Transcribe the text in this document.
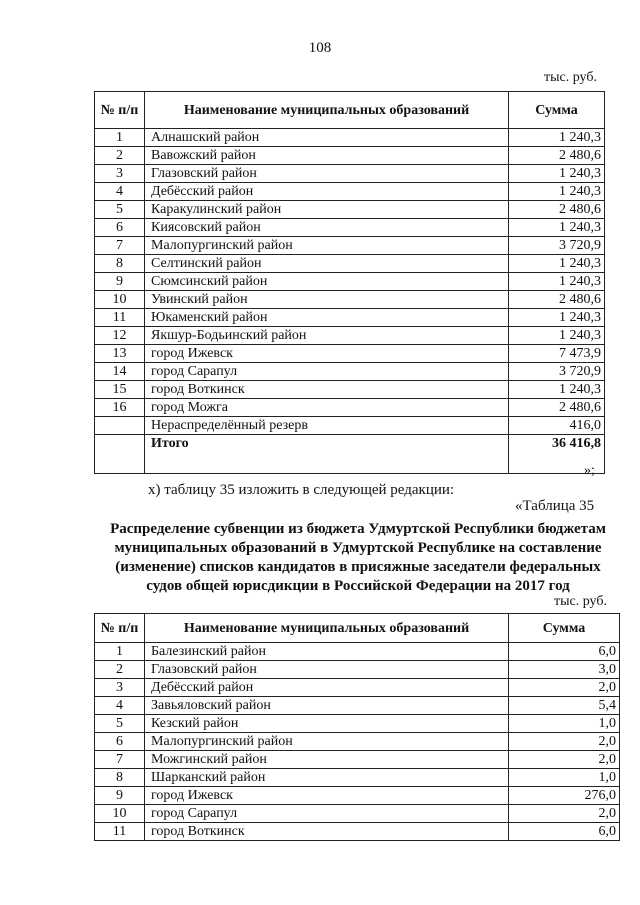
108
тыс. руб.
№ п/п	Наименование муниципальных образований	Сумма
1	Алнашский район	1 240,3
2	Вавожский район	2 480,6
3	Глазовский район	1 240,3
4	Дебёсский район	1 240,3
5	Каракулинский район	2 480,6
6	Киясовский район	1 240,3
7	Малопургинский район	3 720,9
8	Селтинский район	1 240,3
9	Сюмсинский район	1 240,3
10	Увинский район	2 480,6
11	Юкаменский район	1 240,3
12	Якшур-Бодьинский район	1 240,3
13	город Ижевск	7 473,9
14	город Сарапул	3 720,9
15	город Воткинск	1 240,3
16	город Можга	2 480,6
	Нераспределённый резерв	416,0
	Итого	36 416,8
»;
х) таблицу 35 изложить в следующей редакции:
«Таблица 35

Распределение субвенции из бюджета Удмуртской Республики бюджетам муниципальных образований в Удмуртской Республике на составление (изменение) списков кандидатов в присяжные заседатели федеральных судов общей юрисдикции в Российской Федерации на 2017 год

тыс. руб.
№ п/п	Наименование муниципальных образований	Сумма
1	Балезинский район	6,0
2	Глазовский район	3,0
3	Дебёсский район	2,0
4	Завьяловский район	5,4
5	Кезский район	1,0
6	Малопургинский район	2,0
7	Можгинский район	2,0
8	Шарканский район	1,0
9	город Ижевск	276,0
10	город Сарапул	2,0
11	город Воткинск	6,0
